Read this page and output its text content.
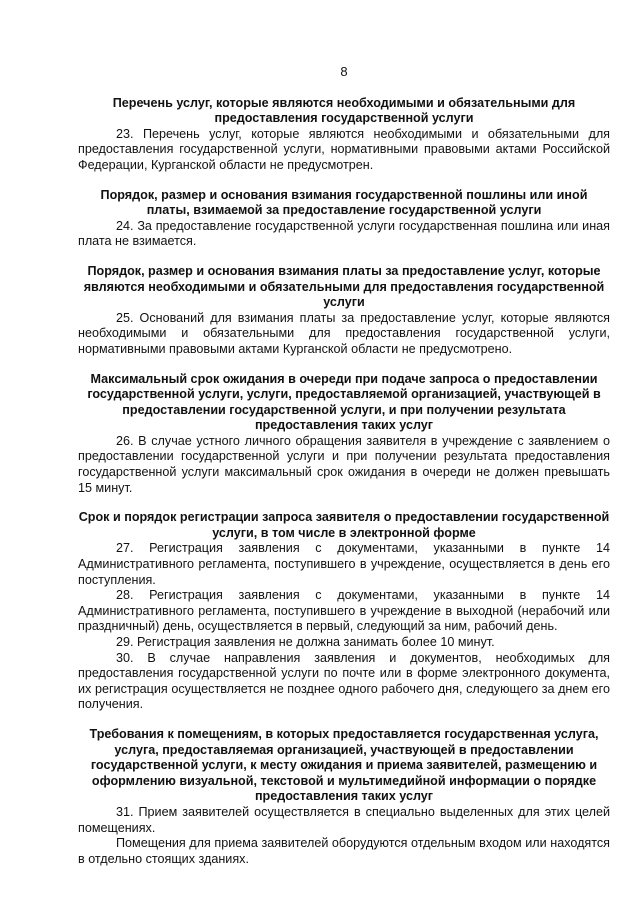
8

Перечень услуг, которые являются необходимыми и обязательными для предоставления государственной услуги

23. Перечень услуг, которые являются необходимыми и обязательными для предоставления государственной услуги, нормативными правовыми актами Российской Федерации, Курганской области не предусмотрен.

Порядок, размер и основания взимания государственной пошлины или иной платы, взимаемой за предоставление государственной услуги

24. За предоставление государственной услуги государственная пошлина или иная плата не взимается.

Порядок, размер и основания взимания платы за предоставление услуг, которые являются необходимыми и обязательными для предоставления государственной услуги

25. Оснований для взимания платы за предоставление услуг, которые являются необходимыми и обязательными для предоставления государственной услуги, нормативными правовыми актами Курганской области не предусмотрено.

Максимальный срок ожидания в очереди при подаче запроса о предоставлении государственной услуги, услуги, предоставляемой организацией, участвующей в предоставлении государственной услуги, и при получении результата предоставления таких услуг

26. В случае устного личного обращения заявителя в учреждение с заявлением о предоставлении государственной услуги и при получении результата предоставления государственной услуги максимальный срок ожидания в очереди не должен превышать 15 минут.

Срок и порядок регистрации запроса заявителя о предоставлении государственной услуги, в том числе в электронной форме

27. Регистрация заявления с документами, указанными в пункте 14 Административного регламента, поступившего в учреждение, осуществляется в день его поступления.

28. Регистрация заявления с документами, указанными в пункте 14 Административного регламента, поступившего в учреждение в выходной (нерабочий или праздничный) день, осуществляется в первый, следующий за ним, рабочий день.

29. Регистрация заявления не должна занимать более 10 минут.

30. В случае направления заявления и документов, необходимых для предоставления государственной услуги по почте или в форме электронного документа, их регистрация осуществляется не позднее одного рабочего дня, следующего за днем его получения.

Требования к помещениям, в которых предоставляется государственная услуга, услуга, предоставляемая организацией, участвующей в предоставлении государственной услуги, к месту ожидания и приема заявителей, размещению и оформлению визуальной, текстовой и мультимедийной информации о порядке предоставления таких услуг

31. Прием заявителей осуществляется в специально выделенных для этих целей помещениях.

Помещения для приема заявителей оборудуются отдельным входом или находятся в отдельно стоящих зданиях.
